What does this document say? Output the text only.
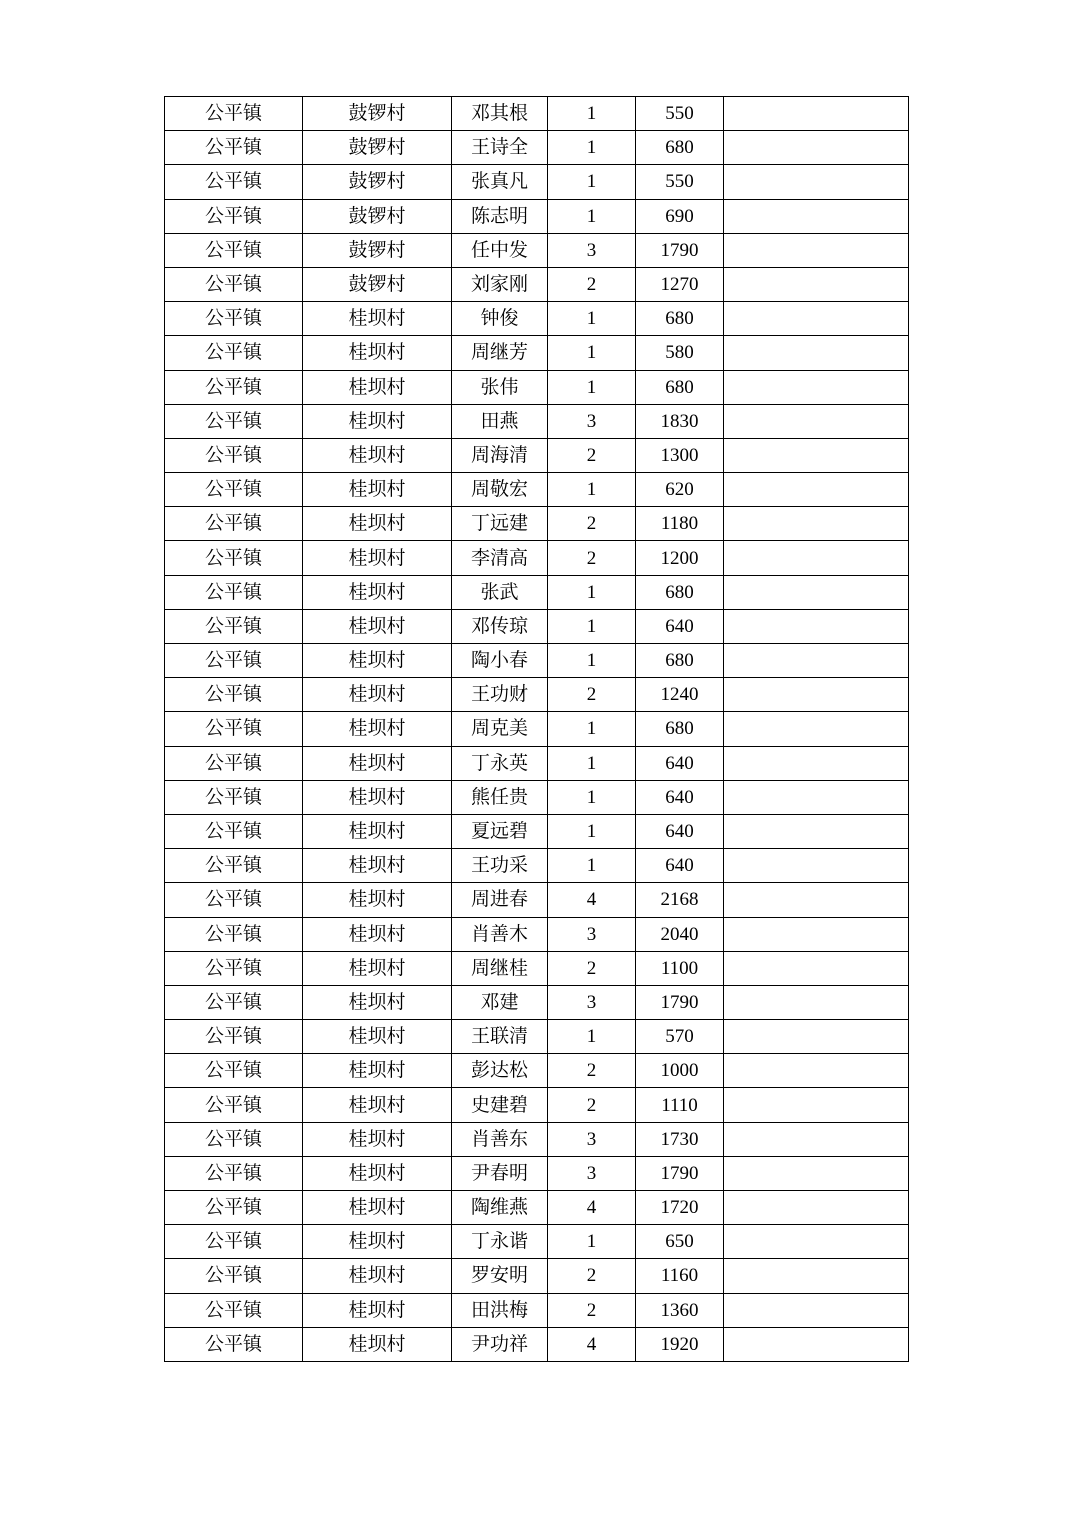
公平镇	鼓锣村	邓其根	1	550	
公平镇	鼓锣村	王诗全	1	680	
公平镇	鼓锣村	张真凡	1	550	
公平镇	鼓锣村	陈志明	1	690	
公平镇	鼓锣村	任中发	3	1790	
公平镇	鼓锣村	刘家刚	2	1270	
公平镇	桂坝村	钟俊	1	680	
公平镇	桂坝村	周继芳	1	580	
公平镇	桂坝村	张伟	1	680	
公平镇	桂坝村	田燕	3	1830	
公平镇	桂坝村	周海清	2	1300	
公平镇	桂坝村	周敬宏	1	620	
公平镇	桂坝村	丁远建	2	1180	
公平镇	桂坝村	李清高	2	1200	
公平镇	桂坝村	张武	1	680	
公平镇	桂坝村	邓传琼	1	640	
公平镇	桂坝村	陶小春	1	680	
公平镇	桂坝村	王功财	2	1240	
公平镇	桂坝村	周克美	1	680	
公平镇	桂坝村	丁永英	1	640	
公平镇	桂坝村	熊任贵	1	640	
公平镇	桂坝村	夏远碧	1	640	
公平镇	桂坝村	王功采	1	640	
公平镇	桂坝村	周进春	4	2168	
公平镇	桂坝村	肖善木	3	2040	
公平镇	桂坝村	周继桂	2	1100	
公平镇	桂坝村	邓建	3	1790	
公平镇	桂坝村	王联清	1	570	
公平镇	桂坝村	彭达松	2	1000	
公平镇	桂坝村	史建碧	2	1110	
公平镇	桂坝村	肖善东	3	1730	
公平镇	桂坝村	尹春明	3	1790	
公平镇	桂坝村	陶维燕	4	1720	
公平镇	桂坝村	丁永谐	1	650	
公平镇	桂坝村	罗安明	2	1160	
公平镇	桂坝村	田洪梅	2	1360	
公平镇	桂坝村	尹功祥	4	1920	
